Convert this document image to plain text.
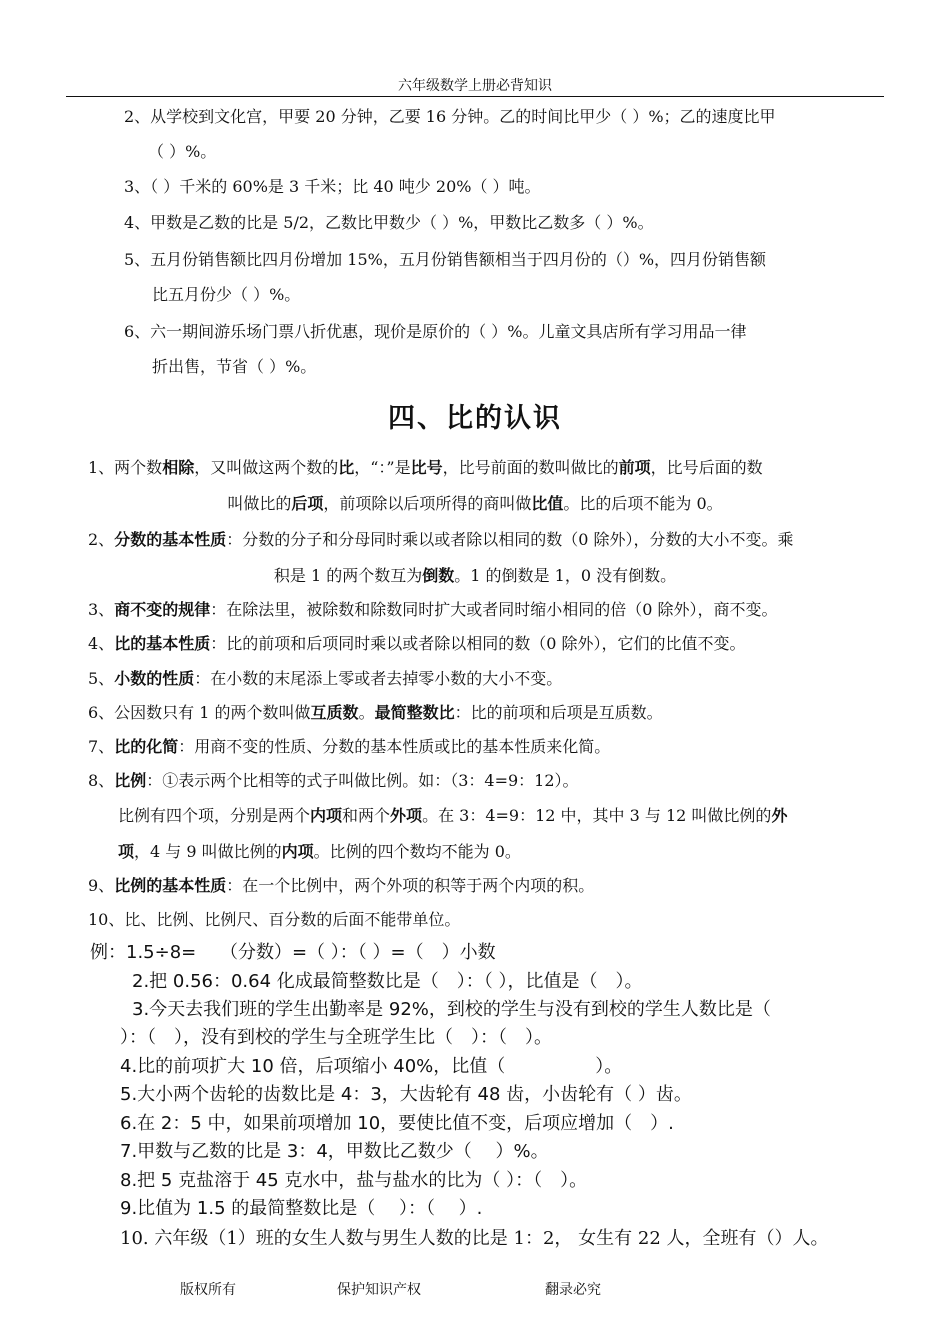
六年级数学上册必背知识
2、从学校到文化宫，甲要 20 分钟，乙要 16 分钟。乙的时间比甲少（ ）%；乙的速度比甲
（ ）%。
3、（ ）千米的 60%是 3 千米；比 40 吨少 20%（ ）吨。
4、甲数是乙数的比是 5/2，乙数比甲数少（ ）%，甲数比乙数多（ ）%。
5、五月份销售额比四月份增加 15%，五月份销售额相当于四月份的（）%，四月份销售额
比五月份少（ ）%。
6、六一期间游乐场门票八折优惠，现价是原价的（ ）%。儿童文具店所有学习用品一律
折出售，节省（ ）%。
四、比的认识
1、两个数相除，又叫做这两个数的比，“：”是比号，比号前面的数叫做比的前项，比号后面的数
叫做比的后项，前项除以后项所得的商叫做比值。比的后项不能为 0。
2、分数的基本性质：分数的分子和分母同时乘以或者除以相同的数（0 除外），分数的大小不变。乘
积是 1 的两个数互为倒数。1 的倒数是 1，0 没有倒数。
3、商不变的规律：在除法里，被除数和除数同时扩大或者同时缩小相同的倍（0 除外），商不变。
4、比的基本性质：比的前项和后项同时乘以或者除以相同的数（0 除外），它们的比值不变。
5、小数的性质：在小数的末尾添上零或者去掉零小数的大小不变。
6、公因数只有 1 的两个数叫做互质数。最简整数比：比的前项和后项是互质数。
7、比的化简：用商不变的性质、分数的基本性质或比的基本性质来化简。
8、比例：①表示两个比相等的式子叫做比例。如：（3：4=9：12）。
比例有四个项，分别是两个内项和两个外项。在 3：4=9：12 中，其中 3 与 12 叫做比例的外
项，4 与 9 叫做比例的内项。比例的四个数均不能为 0。
9、比例的基本性质：在一个比例中，两个外项的积等于两个内项的积。
10、比、比例、比例尺、百分数的后面不能带单位。
例：1.5÷8=　 （分数）=（ ）：（ ）=（　）小数
2.把 0.56：0.64 化成最简整数比是（　）：（ ），比值是（　）。
3.今天去我们班的学生出勤率是 92%，到校的学生与没有到校的学生人数比是（
）：（　），没有到校的学生与全班学生比（　）：（　）。
4.比的前项扩大 10 倍，后项缩小 40%，比值（　　　　　）。
5.大小两个齿轮的齿数比是 4：3，大齿轮有 48 齿，小齿轮有（ ）齿。
6.在 2：5 中，如果前项增加 10，要使比值不变，后项应增加（　）.
7.甲数与乙数的比是 3：4，甲数比乙数少（　 ）%。
8.把 5 克盐溶于 45 克水中，盐与盐水的比为（ ）：（　）。
9.比值为 1.5 的最简整数比是（　 ）：（　 ）.
10. 六年级（1）班的女生人数与男生人数的比是 1：2， 女生有 22 人，全班有（）人。
版权所有	保护知识产权	翻录必究
